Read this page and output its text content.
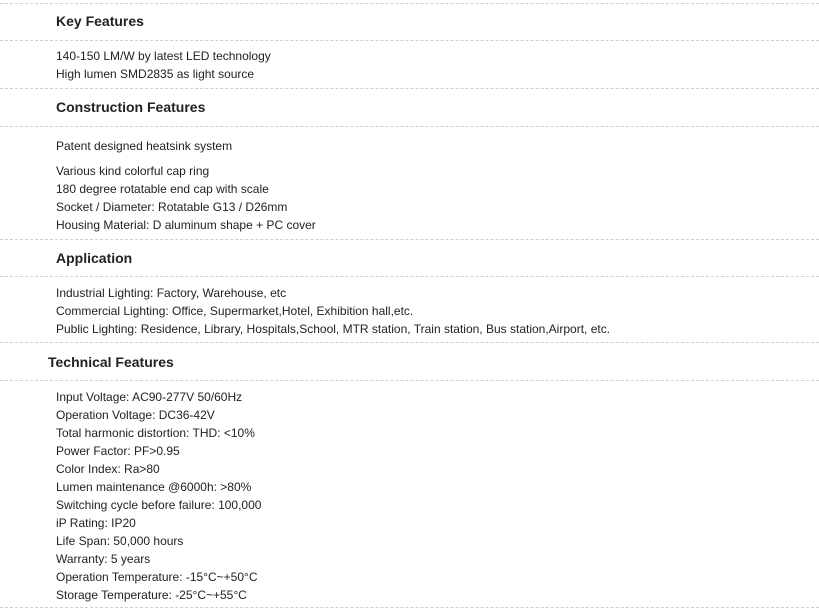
Key Features
140-150 LM/W by latest LED technology
High lumen SMD2835 as light source
Construction Features
Patent designed heatsink system
Various kind colorful cap ring
180 degree rotatable end cap with scale
Socket / Diameter: Rotatable G13 / D26mm
Housing Material: D aluminum shape + PC cover
Application
Industrial Lighting: Factory, Warehouse, etc
Commercial Lighting: Office, Supermarket,Hotel, Exhibition hall,etc.
Public Lighting: Residence, Library, Hospitals,School, MTR station, Train station, Bus station,Airport, etc.
Technical Features
Input Voltage: AC90-277V 50/60Hz
Operation Voltage: DC36-42V
Total harmonic distortion: THD: <10%
Power Factor: PF>0.95
Color Index: Ra>80
Lumen maintenance @6000h: >80%
Switching cycle before failure: 100,000
iP Rating: IP20
Life Span: 50,000 hours
Warranty: 5 years
Operation Temperature: -15°C~+50°C
Storage Temperature: -25°C~+55°C
